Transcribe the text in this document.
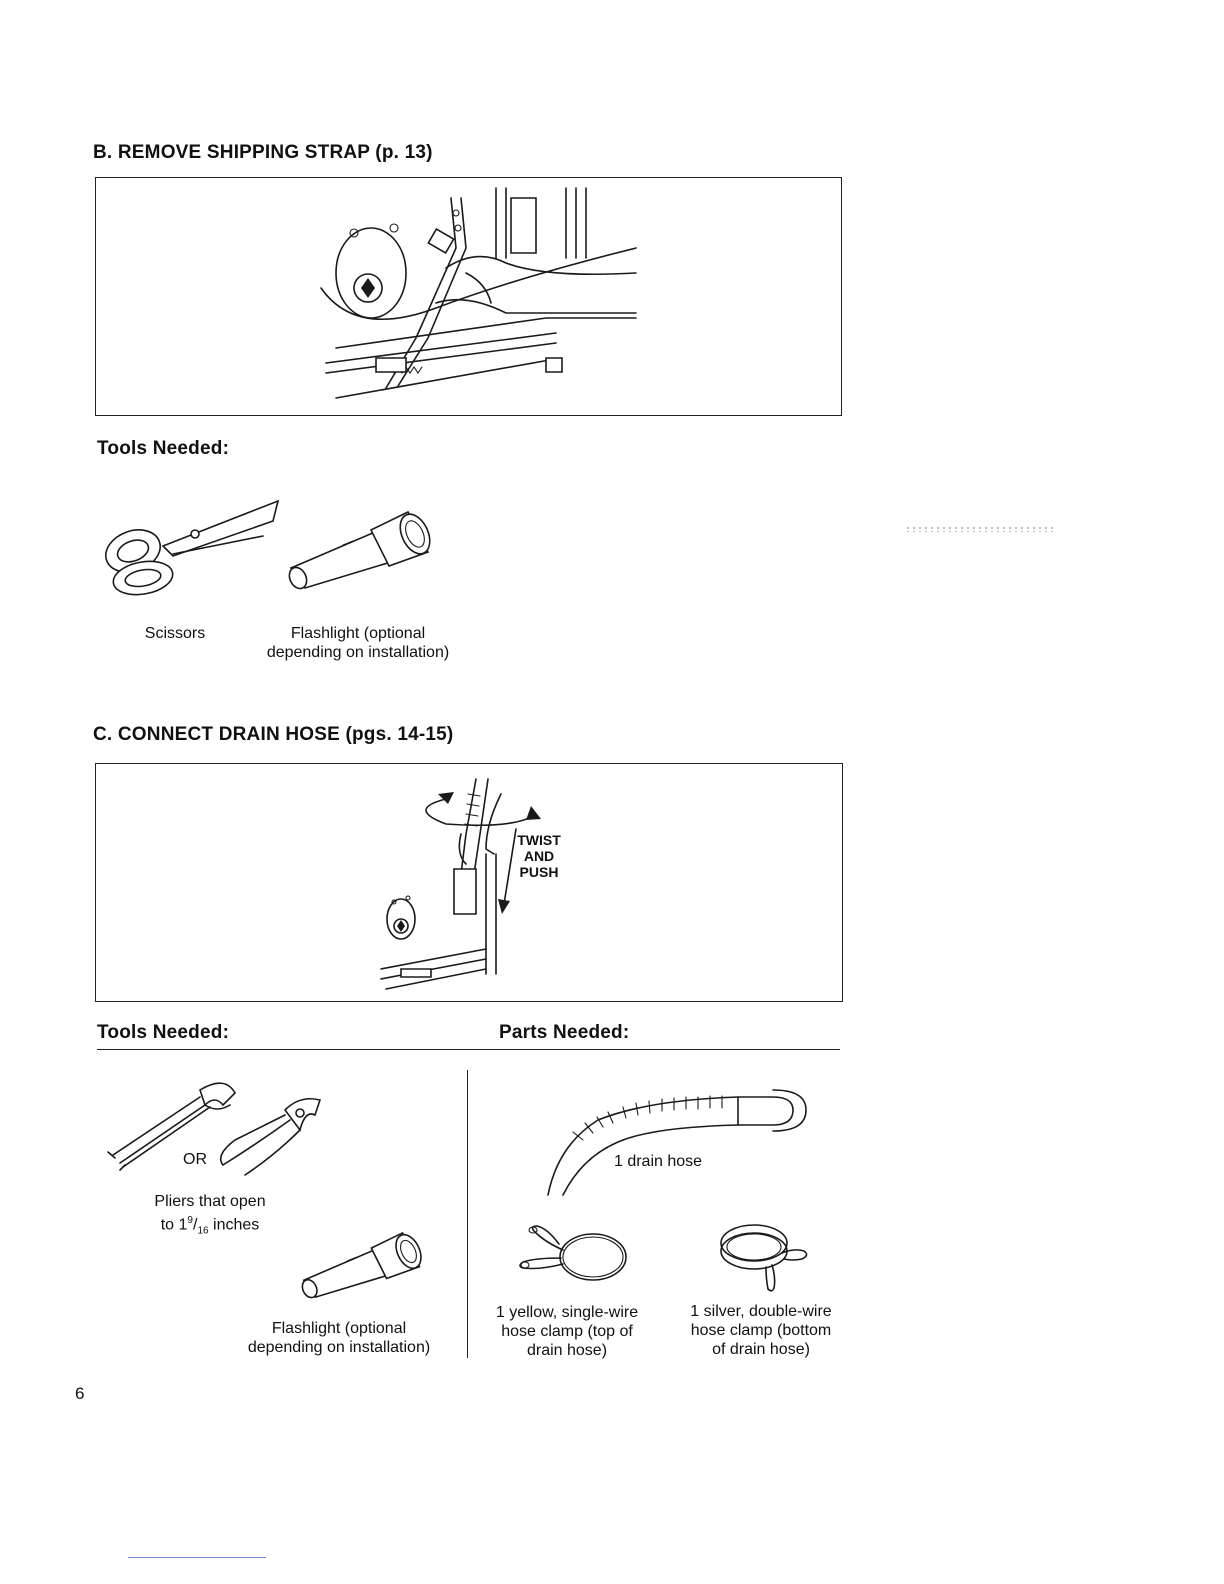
B. REMOVE SHIPPING STRAP (p. 13)
Tools Needed:
Scissors	Flashlight (optional
depending on installation)
C. CONNECT DRAIN HOSE (pgs. 14-15)
TWIST
AND
PUSH
Tools Needed:	Parts Needed:
OR
Pliers that open
to $1^9/_{16}$ inches
Flashlight (optional
depending on installation)
1 drain hose
1 yellow, single-wire
hose clamp (top of
drain hose)
1 silver, double-wire
hose clamp (bottom
of drain hose)
6
